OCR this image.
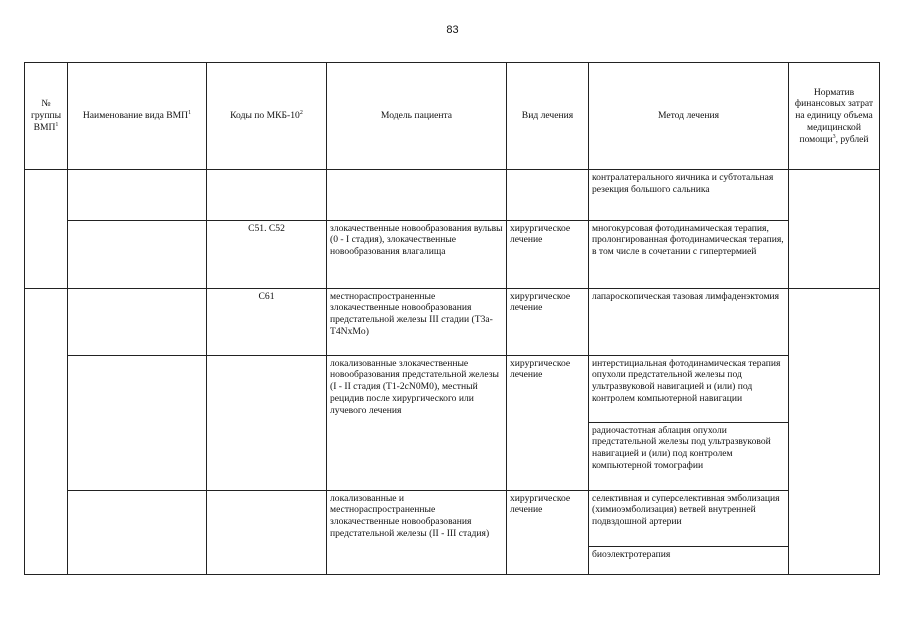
83
№ группы ВМП$^1$	Наименование вида ВМП$^1$	Коды по МКБ-$10^2$	Модель пациента	Вид лечения	Метод лечения	Норматив финансовых затрат на единицу объема медицинской помощи$^3$, рублей
					контралатерального яичника и субтотальная резекция большого сальника	
		C51. C52	злокачественные новообразования вульвы (0 - I стадия), злокачественные новообразования влагалища	хирургическое лечение	многокурсовая фотодинамическая терапия, пролонгированная фотодинамическая терапия, в том числе в сочетании с гипертермией	
		C61	местнораспространенные злокачественные новообразования предстательной железы III стадии (T3a-T4NxMo)	хирургическое лечение	лапароскопическая тазовая лимфаденэктомия	
			локализованные злокачественные новообразования предстательной железы (I - II стадия (T1-2cN0M0), местный рецидив после хирургического или лучевого лечения	хирургическое лечение	интерстициальная фотодинамическая терапия опухоли предстательной железы под ультразвуковой навигацией и (или) под контролем компьютерной навигации	
					радиочастотная аблация опухоли предстательной железы под ультразвуковой навигацией и (или) под контролем компьютерной томографии	
			локализованные и местнораспространенные злокачественные новообразования предстательной железы (II - III стадия)	хирургическое лечение	селективная и суперселективная эмболизация (химиоэмболизация) ветвей внутренней подвздошной артерии	
					биоэлектротерапия	
